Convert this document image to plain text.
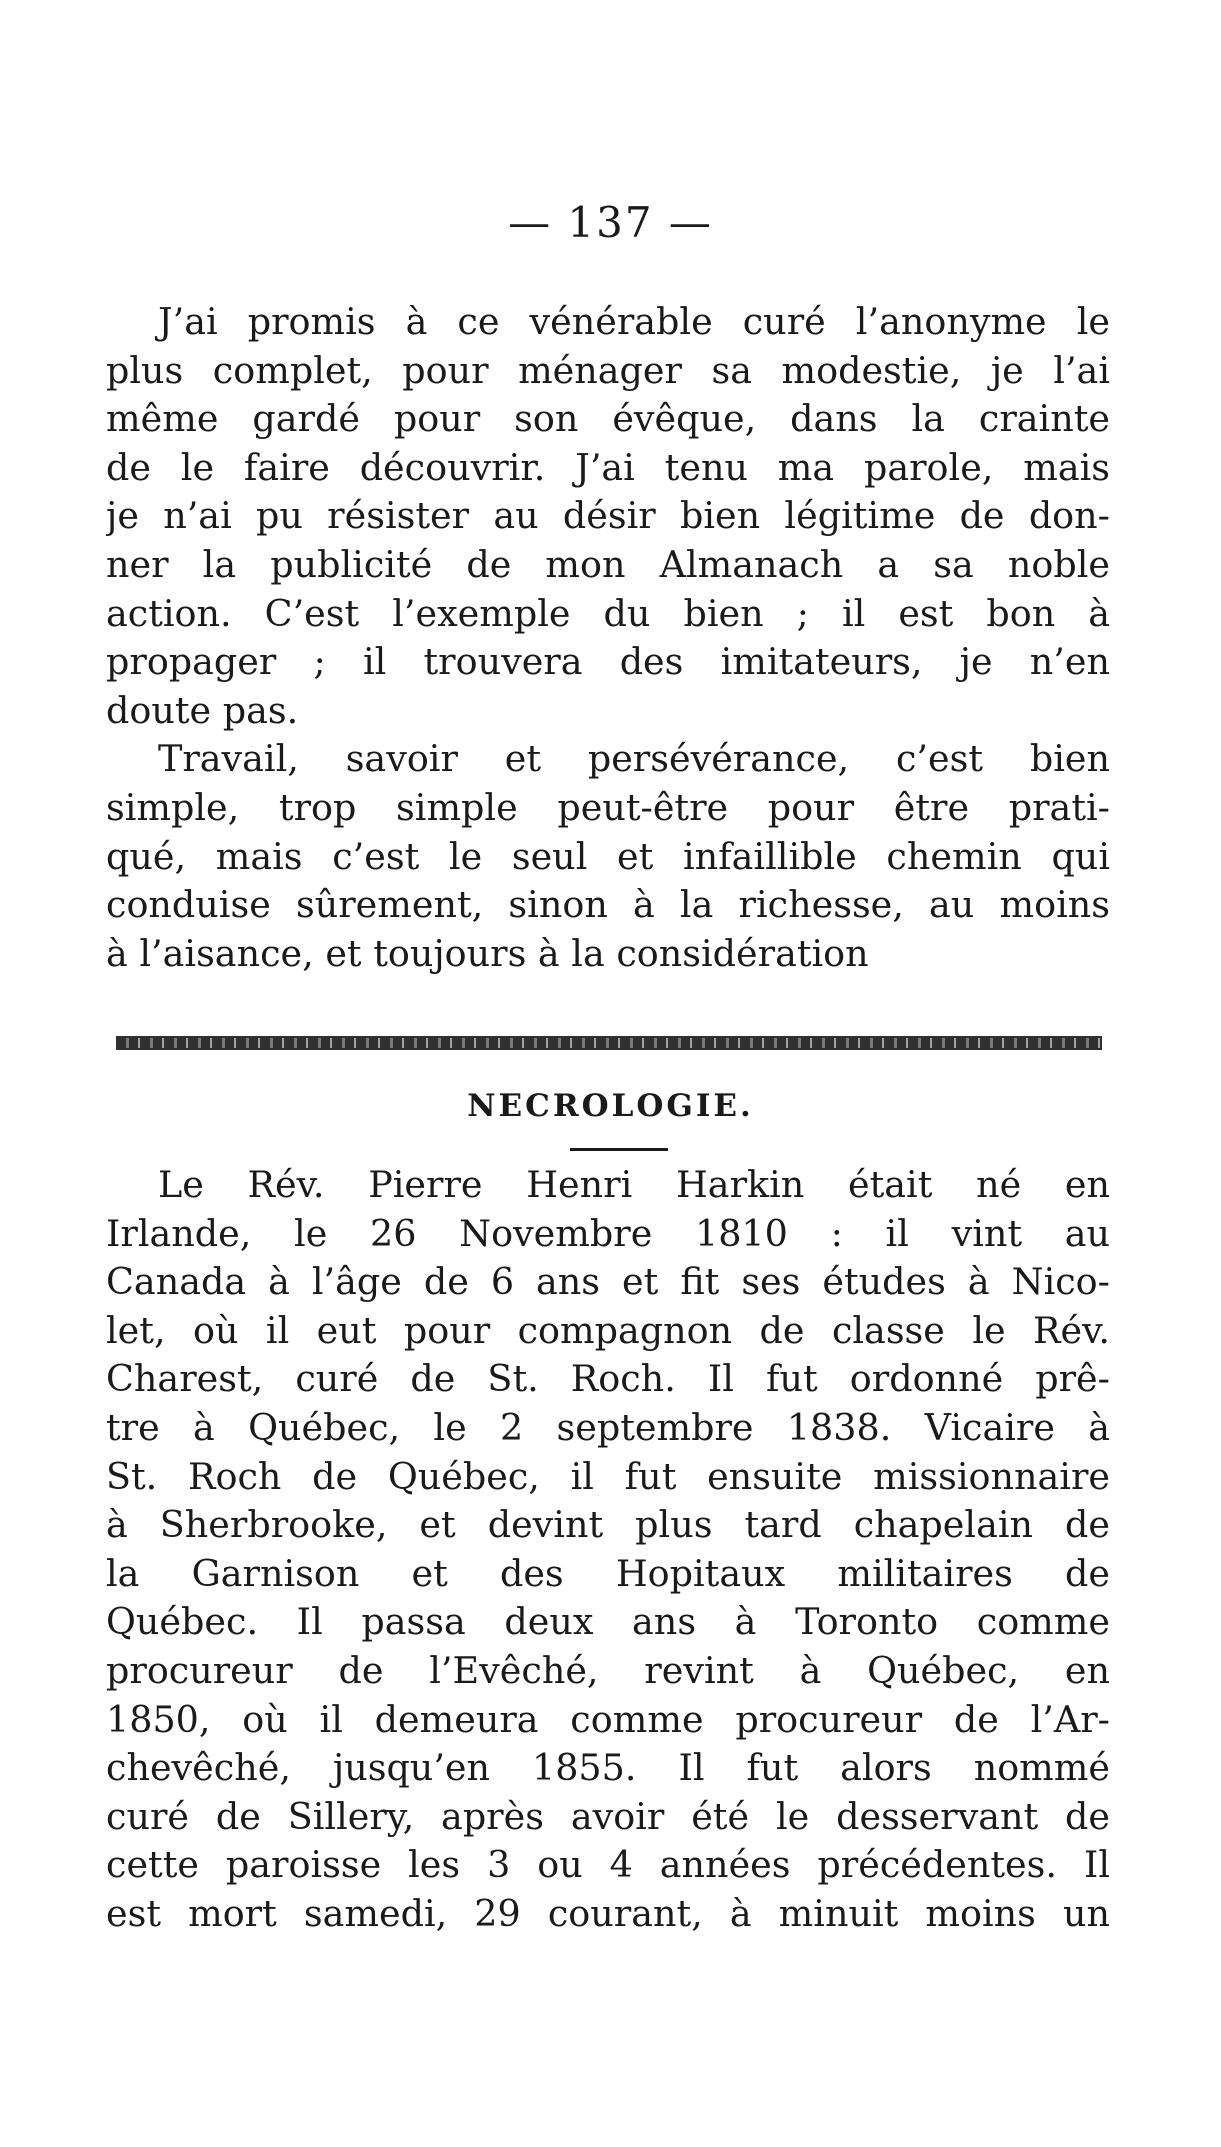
— 137 —
J’ai promis à ce vénérable curé l’anonyme le
plus complet, pour ménager sa modestie, je l’ai
même gardé pour son évêque, dans la crainte
de le faire découvrir. J’ai tenu ma parole, mais
je n’ai pu résister au désir bien légitime de don-
ner la publicité de mon Almanach a sa noble
action. C’est l’exemple du bien ; il est bon à
propager ; il trouvera des imitateurs, je n’en
doute pas.
Travail, savoir et persévérance, c’est bien
simple, trop simple peut-être pour être prati-
qué, mais c’est le seul et infaillible chemin qui
conduise sûrement, sinon à la richesse, au moins
à l’aisance, et toujours à la considération
NECROLOGIE.
Le Rév. Pierre Henri Harkin était né en
Irlande, le 26 Novembre 1810 : il vint au
Canada à l’âge de 6 ans et fit ses études à Nico-
let, où il eut pour compagnon de classe le Rév.
Charest, curé de St. Roch. Il fut ordonné prê-
tre à Québec, le 2 septembre 1838. Vicaire à
St. Roch de Québec, il fut ensuite missionnaire
à Sherbrooke, et devint plus tard chapelain de
la Garnison et des Hopitaux militaires de
Québec. Il passa deux ans à Toronto comme
procureur de l’Evêché, revint à Québec, en
1850, où il demeura comme procureur de l’Ar-
chevêché, jusqu’en 1855. Il fut alors nommé
curé de Sillery, après avoir été le desservant de
cette paroisse les 3 ou 4 années précédentes. Il
est mort samedi, 29 courant, à minuit moins un
